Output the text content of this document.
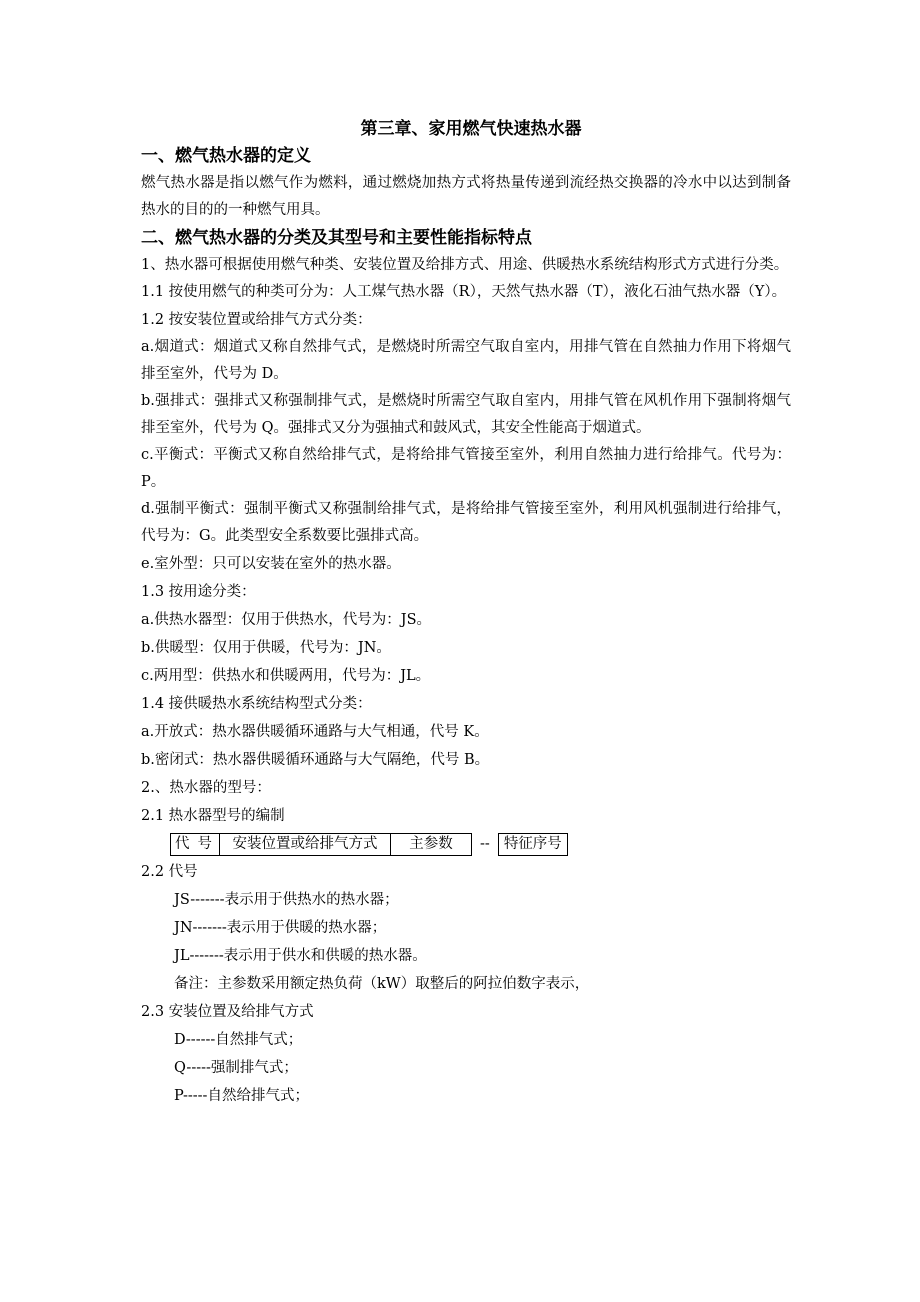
第三章、家用燃气快速热水器
一、燃气热水器的定义
燃气热水器是指以燃气作为燃料，通过燃烧加热方式将热量传递到流经热交换器的冷水中以达到制备热水的目的的一种燃气用具。
二、燃气热水器的分类及其型号和主要性能指标特点
1、热水器可根据使用燃气种类、安装位置及给排方式、用途、供暖热水系统结构形式方式进行分类。
1.1 按使用燃气的种类可分为：人工煤气热水器（R），天然气热水器（T），液化石油气热水器（Y）。
1.2 按安装位置或给排气方式分类：
a.烟道式：烟道式又称自然排气式，是燃烧时所需空气取自室内，用排气管在自然抽力作用下将烟气排至室外，代号为 D。
b.强排式：强排式又称强制排气式，是燃烧时所需空气取自室内，用排气管在风机作用下强制将烟气排至室外，代号为 Q。强排式又分为强抽式和鼓风式，其安全性能高于烟道式。
c.平衡式：平衡式又称自然给排气式，是将给排气管接至室外，利用自然抽力进行给排气。代号为：P。
d.强制平衡式：强制平衡式又称强制给排气式，是将给排气管接至室外，利用风机强制进行给排气，代号为：G。此类型安全系数要比强排式高。
e.室外型：只可以安装在室外的热水器。
1.3 按用途分类：
a.供热水器型：仅用于供热水，代号为：JS。
b.供暖型：仅用于供暖，代号为：JN。
c.两用型：供热水和供暖两用，代号为：JL。
1.4 接供暖热水系统结构型式分类：
a.开放式：热水器供暖循环通路与大气相通，代号 K。
b.密闭式：热水器供暖循环通路与大气隔绝，代号 B。
2.、热水器的型号：
2.1 热水器型号的编制
代号 安装位置或给排气方式	主参数	-- 特征序号
2.2 代号
JS-------表示用于供热水的热水器；
JN-------表示用于供暖的热水器；
JL-------表示用于供水和供暖的热水器。
备注：主参数采用额定热负荷（kW）取整后的阿拉伯数字表示，
2.3 安装位置及给排气方式
D------自然排气式；
Q-----强制排气式；
P-----自然给排气式；
